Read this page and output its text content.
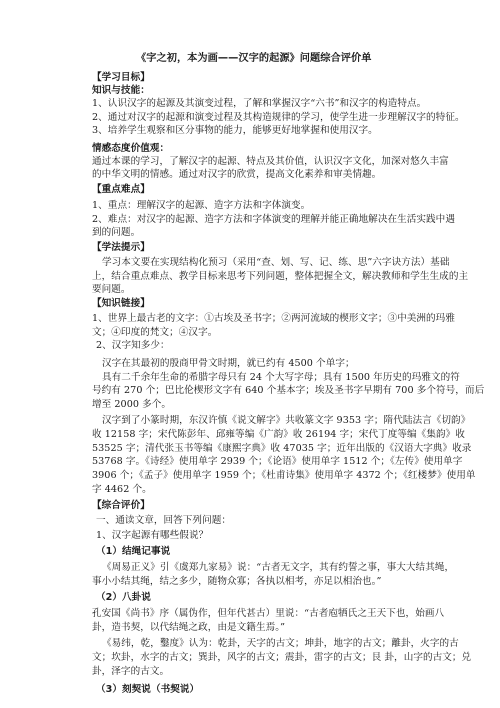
《字之初，本为画——汉字的起源》问题综合评价单
【学习目标】
知识与技能：
1、认识汉字的起源及其演变过程，了解和掌握汉字“六书”和汉字的构造特点。
2、通过对汉字的起源和演变过程及其构造规律的学习，使学生进一步理解汉字的特征。
3、培养学生观察和区分事物的能力，能够更好地掌握和使用汉字。
情感态度价值观：
通过本课的学习，了解汉字的起源、特点及其价值，认识汉字文化，加深对悠久丰富
的中华文明的情感。通过对汉字的欣赏，提高文化素养和审美情趣。
【重点难点】
1、重点：理解汉字的起源、造字方法和字体演变。
2、难点：对汉字的起源、造字方法和字体演变的理解并能正确地解决在生活实践中遇
到的问题。
【学法提示】
学习本文要在实现结构化预习（采用“查、划、写、记、练、思”六字诀方法）基础
上，结合重点难点、教学目标来思考下列问题，整体把握全文，解决教师和学生生成的主
要问题。
【知识链接】
1、世界上最古老的文字：①古埃及圣书字；②两河流域的楔形文字；③中美洲的玛雅
文；④印度的梵文；④汉字。
2、汉字知多少：
汉字在其最初的殷商甲骨文时期，就已约有 4500 个单字；
具有二千余年生命的希腊字母只有 24 个大写字母；具有 1500 年历史的玛雅文的符
号约有 270 个；巴比伦楔形文字有 640 个基本字；埃及圣书字早期有 700 多个符号，而后
增至 2000 多个。
汉字到了小篆时期，东汉许慎《说文解字》共收篆文字 9353 字；隋代陆法言《切韵》
收 12158 字；宋代陈彭年、邱雍等编《广韵》收 26194 字；宋代丁度等编《集韵》收
53525 字；清代张玉书等编《康熙字典》收 47035 字；近年出版的《汉语大字典》收录
53768 字。《诗经》使用单字 2939 个；《论语》使用单字 1512 个；《左传》使用单字
3906 个；《孟子》使用单字 1959 个；《杜甫诗集》使用单字 4372 个；《红楼梦》使用单
字 4462 个。
【综合评价】
一、通读文章，回答下列问题：
1、汉字起源有哪些假说？
（1）结绳记事说
《周易正义》引《虞郑九家易》说：“古者无文字，其有约誓之事，事大大结其绳，
事小小结其绳，结之多少，随物众寡；各执以相考，亦足以相治也。”
（2）八卦说
孔安国《尚书》序（属伪作，但年代甚古）里说：“古者庖牺氏之王天下也，始画八
卦，造书契，以代结绳之政，由是文籍生焉。”
《易纬，乾，鑿度》认为：乾卦，天字的古文；坤卦，地字的古文；離卦，火字的古
文；坎卦，水字的古文；巽卦，风字的古文；震卦，雷字的古文；艮 卦，山字的古文；兑
卦，泽字的古文。
（3）刻契说（书契说）
